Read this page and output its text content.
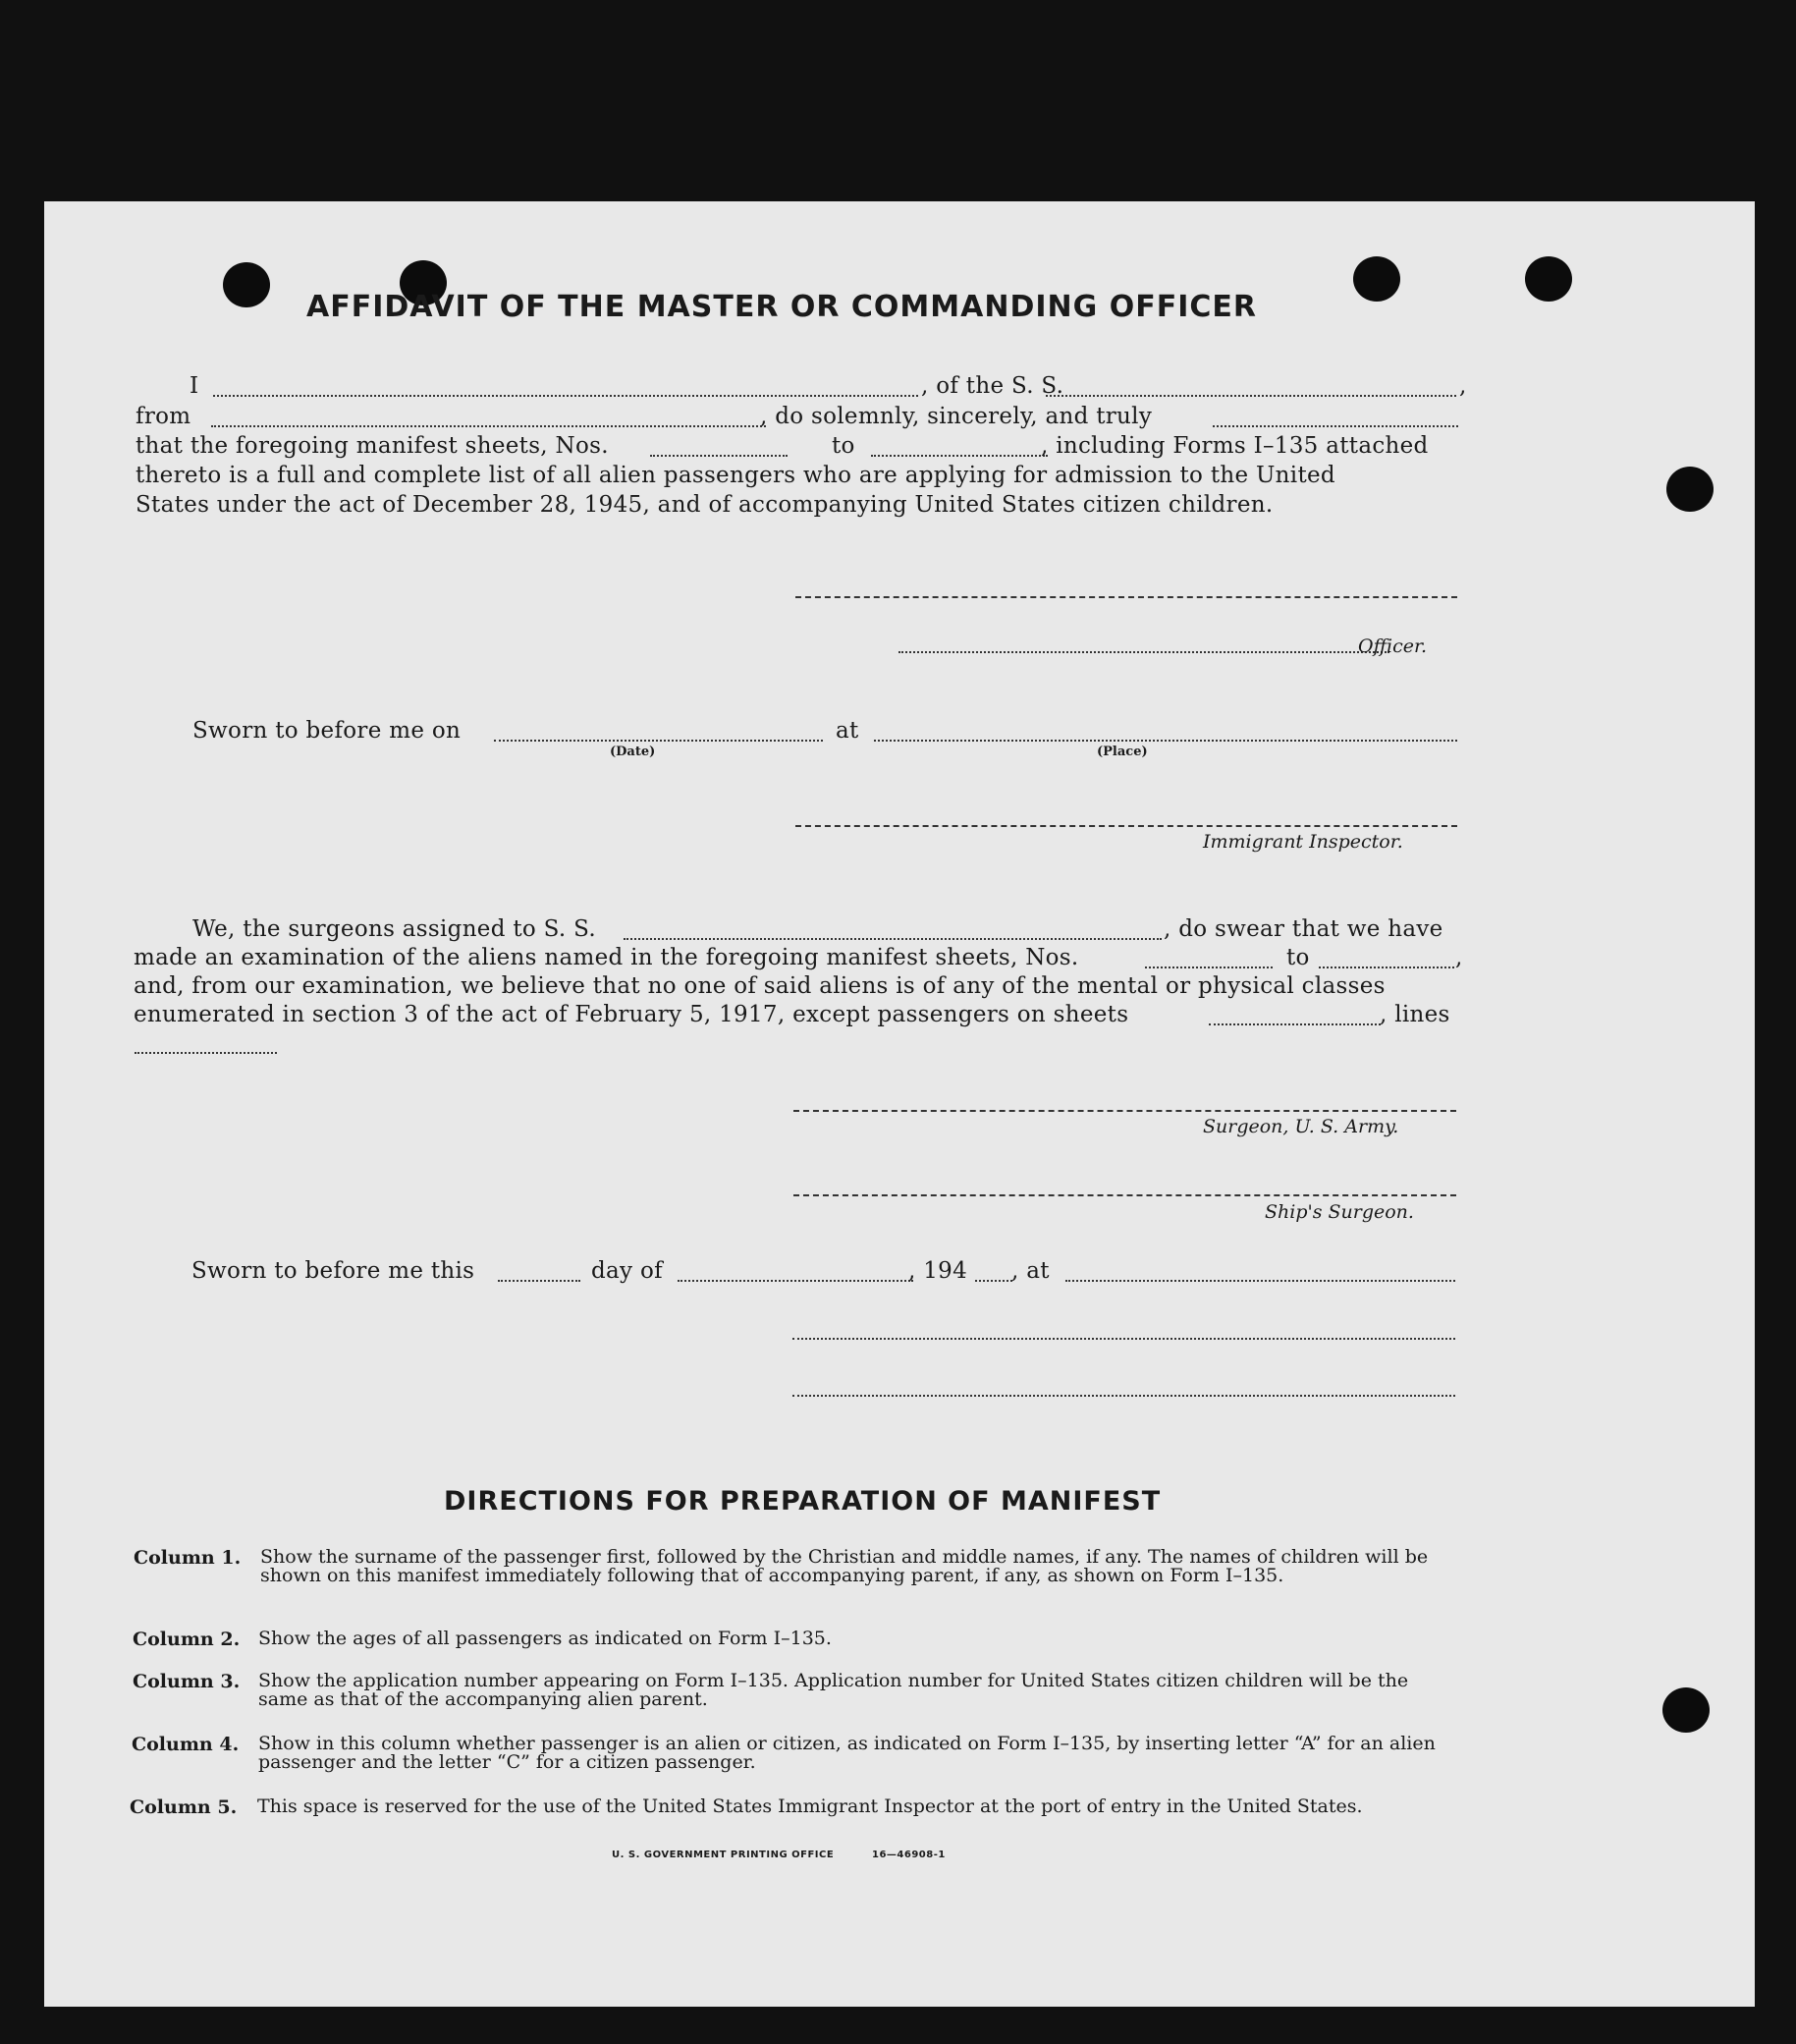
AFFIDAVIT OF THE MASTER OR COMMANDING OFFICER
I	, of the S. S.	,
from	, do solemnly, sincerely, and truly
that the foregoing manifest sheets, Nos.	to	, including Forms I–135 attached
thereto is a full and complete list of all alien passengers who are applying for admission to the United
States under the act of December 28, 1945, and of accompanying United States citizen children.
Officer.
Sworn to before me on
(Date)
at
(Place)
Immigrant Inspector.
We, the surgeons assigned to S. S.	, do swear that we have
made an examination of the aliens named in the foregoing manifest sheets, Nos.	to	,
and, from our examination, we believe that no one of said aliens is of any of the mental or physical classes
enumerated in section 3 of the act of February 5, 1917, except passengers on sheets	, lines
Surgeon, U. S. Army.
Ship's Surgeon.
Sworn to before me this	day of	, 194 , at
DIRECTIONS FOR PREPARATION OF MANIFEST
Column 1. Show the surname of the passenger first, followed by the Christian and middle names, if any. The names of children will be shown on this manifest immediately following that of accompanying parent, if any, as shown on Form I–135.
Column 2. Show the ages of all passengers as indicated on Form I–135.
Column 3. Show the application number appearing on Form I–135. Application number for United States citizen children will be the same as that of the accompanying alien parent.
Column 4. Show in this column whether passenger is an alien or citizen, as indicated on Form I–135, by inserting letter “A” for an alien passenger and the letter “C” for a citizen passenger.
Column 5. This space is reserved for the use of the United States Immigrant Inspector at the port of entry in the United States.
U. S. GOVERNMENT PRINTING OFFICE	16—46908-1
